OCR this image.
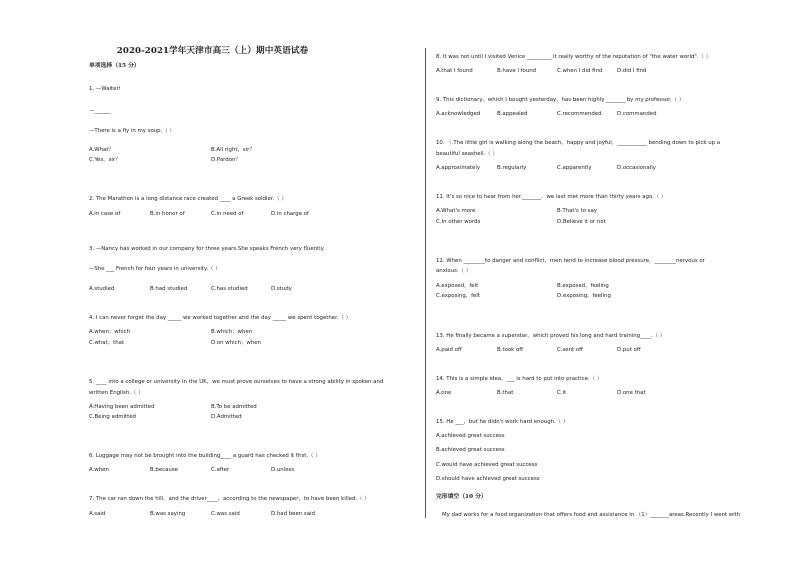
2020-2021学年天津市高三（上）期中英语试卷
单项选择（15 分）
1. —Waiter!
—______
—There is a fly in my soup.（ ）
A.What？	B.All right，sir？
C.Yes，sir？	D.Pardon？
2. The Marathon is a long distance race created ____ a Greek soldier.（ ）
A.in case of	B.in honor of	C.in need of	D.in charge of
3. —Nancy has worked in our company for three years.She speaks French very fluently.
—She ___ French for four years in university.（ ）
A.studied	B.had studied	C.has studied	D.study
4. I can never forget the day _____ we worked together and the day _____ we spent together.（ ）
A.when；which	B.which；when
C.what；that	D.on which；when
5. ____ into a college or university in the UK，we must prove ourselves to have a strong ability in spoken and
written English.（ ）
A.Having been admitted	B.To be admitted
C.Being admitted	D.Admitted
6. Luggage may not be brought into the building____ a guard has checked it first.（ ）
A.when	B.because	C.after	D.unless
7. The car ran down the hill，and the driver____，according to the newspaper，to have been killed.（ ）
A.said	B.was saying	C.was said	D.had been said
8. It was not until I visited Venice _________ it really worthy of the reputation of "the water world".（ ）
A.that I found	B.have I found	C.when I did find	D.did I find
9. This dictionary，which I bought yesterday，has been highly _______ by my professor.（ ）
A.acknowledged	B.appealed	C.recommended	D.commanded
10. （.The little girl is walking along the beach，happy and joyful，___________ bending down to pick up a
beautiful seashell.（ ）
A.approximately	B.regularly	C.apparently	D.occasionally
11. It's so nice to hear from her._______，we last met more than thirty years ago.（ ）
A.What's more	B.That's to say
C.In other words	D.Believe it or not
12. When ________to danger and conflict，men tend to increase blood pressure，________nervous or
anxious.（ ）
A.exposed，felt	B.exposed，feeling
C.exposing，felt	D.exposing，feeling
13. He finally became a superstar，which proved his long and hard training____.（ ）
A.paid off	B.took off	C.sent off	D.put off
14. This is a simple idea，___ is hard to put into practice.（ ）
A.one	B.that	C.it	D.one that
15. He ___，but he didn't work hard enough.（ ）
A.achieved great success
B.achieved great success
C.would have achieved great success
D.should have achieved great success
完形填空（10 分）
My dad works for a food organization that offers food and assistance in （1）_______areas.Recently I went with
